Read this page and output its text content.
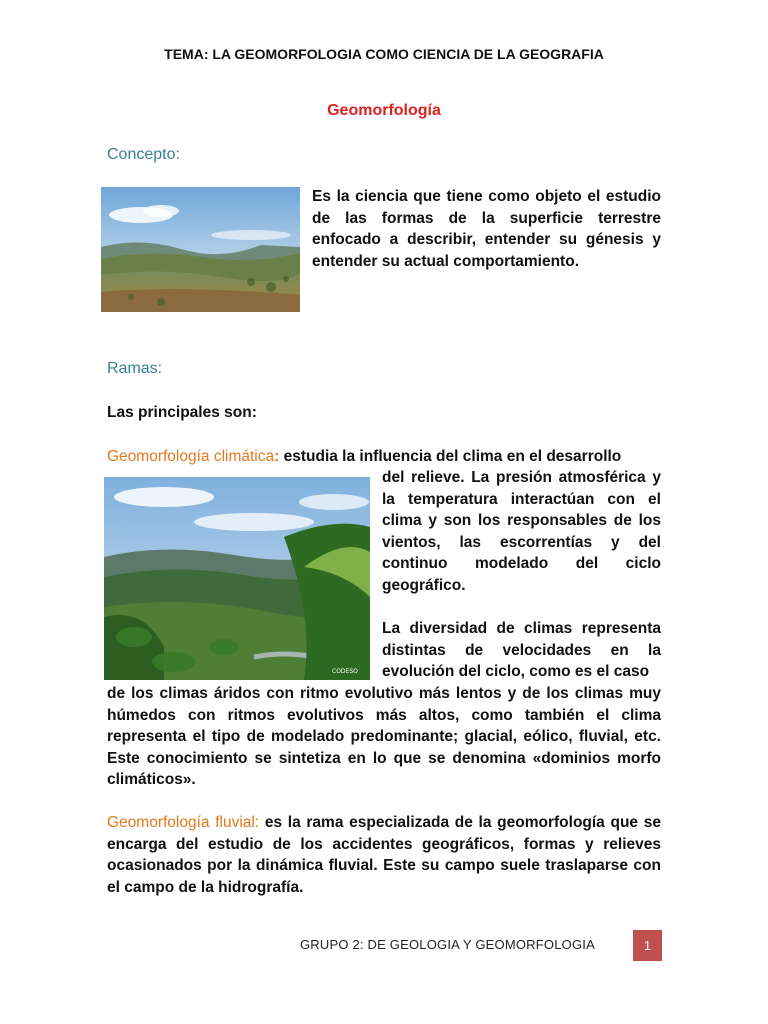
TEMA: LA GEOMORFOLOGIA COMO CIENCIA DE LA GEOGRAFIA
Geomorfología
Concepto:
Es la ciencia que tiene como objeto el estudio de las formas de la superficie terrestre enfocado a describir, entender su génesis y entender su actual comportamiento.
Ramas:
Las principales son:
Geomorfología climática: estudia la influencia del clima en el desarrollo
CODESO
del relieve. La presión atmosférica y la temperatura interactúan con el clima y son los responsables de los vientos, las escorrentías y del continuo modelado del ciclo geográfico.
La diversidad de climas representa distintas de velocidades en la evolución del ciclo, como es el caso
de los climas áridos con ritmo evolutivo más lentos y de los climas muy húmedos con ritmos evolutivos más altos, como también el clima representa el tipo de modelado predominante; glacial, eólico, fluvial, etc. Este conocimiento se sintetiza en lo que se denomina «dominios morfo climáticos».
Geomorfología fluvial: es la rama especializada de la geomorfología que se encarga del estudio de los accidentes geográficos, formas y relieves ocasionados por la dinámica fluvial. Este su campo suele traslaparse con el campo de la hidrografía.
GRUPO 2: DE GEOLOGIA Y GEOMORFOLOGIA	1
